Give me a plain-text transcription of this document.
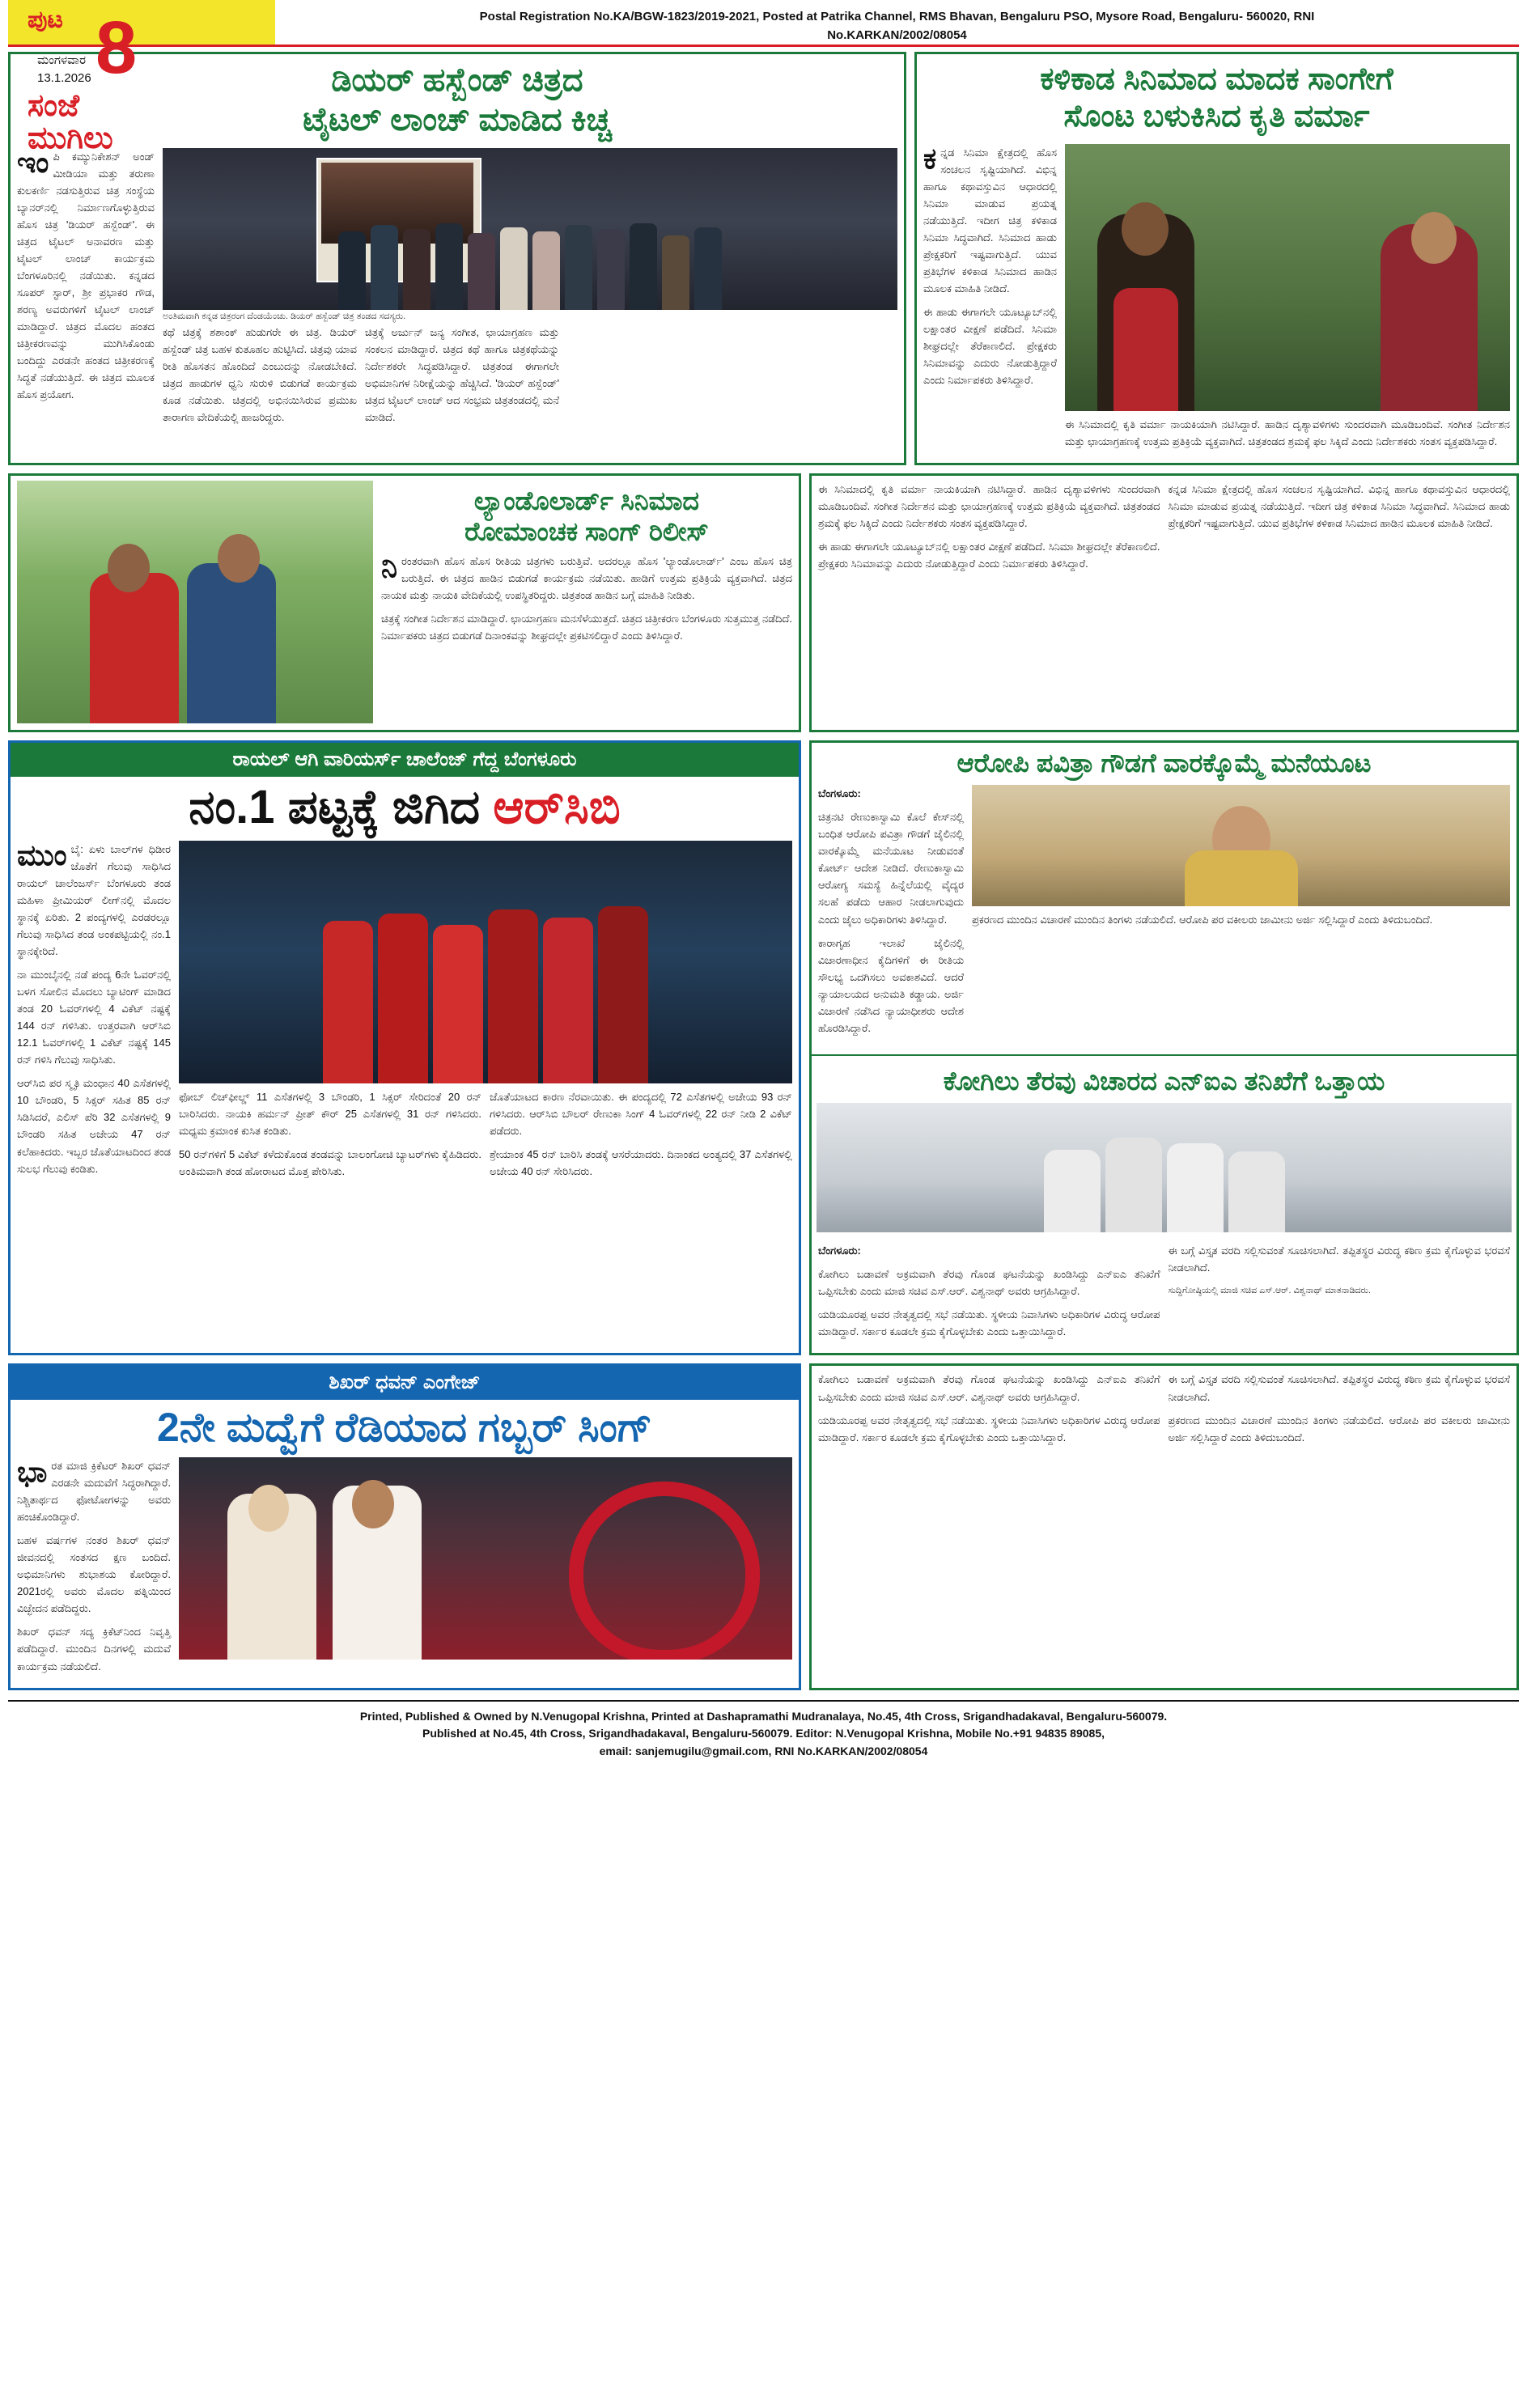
ಪುಟ 8
ಮಂಗಳವಾರ
13.1.2026
ಸಂಜೆ
ಮುಗಿಲು
Postal Registration No.KA/BGW-1823/2019-2021, Posted at Patrika Channel, RMS Bhavan, Bengaluru PSO, Mysore Road, Bengaluru- 560020, RNI No.KARKAN/2002/08054
ಡಿಯರ್ ಹಸ್ಬೆಂಡ್ ಚಿತ್ರದ
ಟೈಟಲ್ ಲಾಂಚ್ ಮಾಡಿದ ಕಿಚ್ಚ

ಇಂಪಿ ಕಮ್ಯುನಿಕೇಶನ್ ಅಂಡ್ ಮೀಡಿಯಾ ಮತ್ತು ತರುಣಾ ಕುಲಕರ್ಣಿ ನಡಸುತ್ತಿರುವ ಚಿತ್ರ ಸಂಸ್ಥೆಯ ಬ್ಯಾನರ್‌ನಲ್ಲಿ ನಿರ್ಮಾಣಗೊಳ್ಳುತ್ತಿರುವ ಹೊಸ ಚಿತ್ರ 'ಡಿಯರ್ ಹಸ್ಬೆಂಡ್'. ಈ ಚಿತ್ರದ ಟೈಟಲ್ ಅನಾವರಣ ಮತ್ತು ಟೈಟಲ್ ಲಾಂಚ್ ಕಾರ್ಯಕ್ರಮ ಬೆಂಗಳೂರಿನಲ್ಲಿ ನಡೆಯಿತು. ಕನ್ನಡದ ಸೂಪರ್ ಸ್ಟಾರ್, ಶ್ರೀ ಪ್ರಭಾಕರ ಗೌಡ, ಶರಣ್ಯ ಅವರುಗಳಿಗೆ ಟೈಟಲ್ ಲಾಂಚ್ ಮಾಡಿದ್ದಾರೆ. ಚಿತ್ರದ ಮೊದಲ ಹಂತದ ಚಿತ್ರೀಕರಣವನ್ನು ಮುಗಿಸಿಕೊಂಡು ಬಂದಿದ್ದು ಎರಡನೇ ಹಂತದ ಚಿತ್ರೀಕರಣಕ್ಕೆ ಸಿದ್ಧತೆ ನಡೆಯುತ್ತಿದೆ. ಈ ಚಿತ್ರದ ಮೂಲಕ ಹೊಸ ಪ್ರಯೋಗ.

ಅಂತಿಮವಾಗಿ ಕನ್ನಡ ಚಿತ್ರರಂಗ ದೆಂಡಯೆಂಚು. ಡಿಯರ್ ಹಸ್ಬೆಂಡ್ ಚಿತ್ರ ತಂಡದ ಸದಸ್ಯರು.

ಕಥೆ ಚಿತ್ರಕ್ಕೆ ಶಶಾಂಕ್ ಹುಡುಗರೇ ಈ ಚಿತ್ರ. ಡಿಯರ್ ಹಸ್ಬೆಂಡ್ ಚಿತ್ರ ಬಹಳ ಕುತೂಹಲ ಹುಟ್ಟಿಸಿದೆ. ಚಿತ್ರವು ಯಾವ ರೀತಿ ಹೊಸತನ ಹೊಂದಿದೆ ಎಂಬುದನ್ನು ನೋಡಬೇಕಿದೆ. ಚಿತ್ರದ ಹಾಡುಗಳ ಧ್ವನಿ ಸುರುಳಿ ಬಿಡುಗಡೆ ಕಾರ್ಯಕ್ರಮ ಕೂಡ ನಡೆಯಿತು. ಚಿತ್ರದಲ್ಲಿ ಅಭಿನಯಿಸಿರುವ ಪ್ರಮುಖ ತಾರಾಗಣ ವೇದಿಕೆಯಲ್ಲಿ ಹಾಜರಿದ್ದರು.

ಚಿತ್ರಕ್ಕೆ ಅರ್ಜುನ್ ಜನ್ಯ ಸಂಗೀತ, ಛಾಯಾಗ್ರಹಣ ಮತ್ತು ಸಂಕಲನ ಮಾಡಿದ್ದಾರೆ. ಚಿತ್ರದ ಕಥೆ ಹಾಗೂ ಚಿತ್ರಕಥೆಯನ್ನು ನಿರ್ದೇಶಕರೇ ಸಿದ್ಧಪಡಿಸಿದ್ದಾರೆ. ಚಿತ್ರತಂಡ ಈಗಾಗಲೇ ಅಭಿಮಾನಿಗಳ ನಿರೀಕ್ಷೆಯನ್ನು ಹೆಚ್ಚಿಸಿದೆ. 'ಡಿಯರ್ ಹಸ್ಬೆಂಡ್' ಚಿತ್ರದ ಟೈಟಲ್ ಲಾಂಚ್ ಆದ ಸಂಭ್ರಮ ಚಿತ್ರತಂಡದಲ್ಲಿ ಮನೆ ಮಾಡಿದೆ.

ಕಳಿಕಾಡ ಸಿನಿಮಾದ ಮಾದಕ ಸಾಂಗೇಗೆ
ಸೊಂಟ ಬಳುಕಿಸಿದ ಕೃತಿ ವರ್ಮಾ

ಕನ್ನಡ ಸಿನಿಮಾ ಕ್ಷೇತ್ರದಲ್ಲಿ ಹೊಸ ಸಂಚಲನ ಸೃಷ್ಟಿಯಾಗಿದೆ. ವಿಭಿನ್ನ ಹಾಗೂ ಕಥಾವಸ್ತುವಿನ ಆಧಾರದಲ್ಲಿ ಸಿನಿಮಾ ಮಾಡುವ ಪ್ರಯತ್ನ ನಡೆಯುತ್ತಿದೆ. ಇದೀಗ ಚಿತ್ರ ಕಳಿಕಾಡ ಸಿನಿಮಾ ಸಿದ್ಧವಾಗಿದೆ. ಸಿನಿಮಾದ ಹಾಡು ಪ್ರೇಕ್ಷಕರಿಗೆ ಇಷ್ಟವಾಗುತ್ತಿದೆ. ಯುವ ಪ್ರತಿಭೆಗಳ ಕಳಿಕಾಡ ಸಿನಿಮಾದ ಹಾಡಿನ ಮೂಲಕ ಮಾಹಿತಿ ನೀಡಿದೆ.

ಈ ಹಾಡು ಈಗಾಗಲೇ ಯೂಟ್ಯೂಬ್‌ನಲ್ಲಿ ಲಕ್ಷಾಂತರ ವೀಕ್ಷಣೆ ಪಡೆದಿದೆ. ಸಿನಿಮಾ ಶೀಘ್ರದಲ್ಲೇ ತೆರೆಕಾಣಲಿದೆ. ಪ್ರೇಕ್ಷಕರು ಸಿನಿಮಾವನ್ನು ಎದುರು ನೋಡುತ್ತಿದ್ದಾರೆ ಎಂದು ನಿರ್ಮಾಪಕರು ತಿಳಿಸಿದ್ದಾರೆ.

ಈ ಸಿನಿಮಾದಲ್ಲಿ ಕೃತಿ ವರ್ಮಾ ನಾಯಕಿಯಾಗಿ ನಟಿಸಿದ್ದಾರೆ. ಹಾಡಿನ ದೃಶ್ಯಾವಳಿಗಳು ಸುಂದರವಾಗಿ ಮೂಡಿಬಂದಿವೆ. ಸಂಗೀತ ನಿರ್ದೇಶನ ಮತ್ತು ಛಾಯಾಗ್ರಹಣಕ್ಕೆ ಉತ್ತಮ ಪ್ರತಿಕ್ರಿಯೆ ವ್ಯಕ್ತವಾಗಿದೆ. ಚಿತ್ರತಂಡದ ಶ್ರಮಕ್ಕೆ ಫಲ ಸಿಕ್ಕಿದೆ ಎಂದು ನಿರ್ದೇಶಕರು ಸಂತಸ ವ್ಯಕ್ತಪಡಿಸಿದ್ದಾರೆ.

ಲ್ಯಾಂಡೊಲಾರ್ಡ್ ಸಿನಿಮಾದ
ರೋಮಾಂಚಕ ಸಾಂಗ್ ರಿಲೀಸ್

ನಿರಂತರವಾಗಿ ಹೊಸ ಹೊಸ ರೀತಿಯ ಚಿತ್ರಗಳು ಬರುತ್ತಿವೆ. ಅದರಲ್ಲೂ ಹೊಸ 'ಲ್ಯಾಂಡೊಲಾರ್ಡ್' ಎಂಬ ಹೊಸ ಚಿತ್ರ ಬರುತ್ತಿದೆ. ಈ ಚಿತ್ರದ ಹಾಡಿನ ಬಿಡುಗಡೆ ಕಾರ್ಯಕ್ರಮ ನಡೆಯಿತು. ಹಾಡಿಗೆ ಉತ್ತಮ ಪ್ರತಿಕ್ರಿಯೆ ವ್ಯಕ್ತವಾಗಿದೆ. ಚಿತ್ರದ ನಾಯಕ ಮತ್ತು ನಾಯಕಿ ವೇದಿಕೆಯಲ್ಲಿ ಉಪಸ್ಥಿತರಿದ್ದರು. ಚಿತ್ರತಂಡ ಹಾಡಿನ ಬಗ್ಗೆ ಮಾಹಿತಿ ನೀಡಿತು.

ಚಿತ್ರಕ್ಕೆ ಸಂಗೀತ ನಿರ್ದೇಶನ ಮಾಡಿದ್ದಾರೆ. ಛಾಯಾಗ್ರಹಣ ಮನಸೆಳೆಯುತ್ತದೆ. ಚಿತ್ರದ ಚಿತ್ರೀಕರಣ ಬೆಂಗಳೂರು ಸುತ್ತಮುತ್ತ ನಡೆದಿದೆ. ನಿರ್ಮಾಪಕರು ಚಿತ್ರದ ಬಿಡುಗಡೆ ದಿನಾಂಕವನ್ನು ಶೀಘ್ರದಲ್ಲೇ ಪ್ರಕಟಿಸಲಿದ್ದಾರೆ ಎಂದು ತಿಳಿಸಿದ್ದಾರೆ.

ಈ ಸಿನಿಮಾದಲ್ಲಿ ಕೃತಿ ವರ್ಮಾ ನಾಯಕಿಯಾಗಿ ನಟಿಸಿದ್ದಾರೆ. ಹಾಡಿನ ದೃಶ್ಯಾವಳಿಗಳು ಸುಂದರವಾಗಿ ಮೂಡಿಬಂದಿವೆ. ಸಂಗೀತ ನಿರ್ದೇಶನ ಮತ್ತು ಛಾಯಾಗ್ರಹಣಕ್ಕೆ ಉತ್ತಮ ಪ್ರತಿಕ್ರಿಯೆ ವ್ಯಕ್ತವಾಗಿದೆ. ಚಿತ್ರತಂಡದ ಶ್ರಮಕ್ಕೆ ಫಲ ಸಿಕ್ಕಿದೆ ಎಂದು ನಿರ್ದೇಶಕರು ಸಂತಸ ವ್ಯಕ್ತಪಡಿಸಿದ್ದಾರೆ.

ಈ ಹಾಡು ಈಗಾಗಲೇ ಯೂಟ್ಯೂಬ್‌ನಲ್ಲಿ ಲಕ್ಷಾಂತರ ವೀಕ್ಷಣೆ ಪಡೆದಿದೆ. ಸಿನಿಮಾ ಶೀಘ್ರದಲ್ಲೇ ತೆರೆಕಾಣಲಿದೆ. ಪ್ರೇಕ್ಷಕರು ಸಿನಿಮಾವನ್ನು ಎದುರು ನೋಡುತ್ತಿದ್ದಾರೆ ಎಂದು ನಿರ್ಮಾಪಕರು ತಿಳಿಸಿದ್ದಾರೆ.

ಕನ್ನಡ ಸಿನಿಮಾ ಕ್ಷೇತ್ರದಲ್ಲಿ ಹೊಸ ಸಂಚಲನ ಸೃಷ್ಟಿಯಾಗಿದೆ. ವಿಭಿನ್ನ ಹಾಗೂ ಕಥಾವಸ್ತುವಿನ ಆಧಾರದಲ್ಲಿ ಸಿನಿಮಾ ಮಾಡುವ ಪ್ರಯತ್ನ ನಡೆಯುತ್ತಿದೆ. ಇದೀಗ ಚಿತ್ರ ಕಳಿಕಾಡ ಸಿನಿಮಾ ಸಿದ್ಧವಾಗಿದೆ. ಸಿನಿಮಾದ ಹಾಡು ಪ್ರೇಕ್ಷಕರಿಗೆ ಇಷ್ಟವಾಗುತ್ತಿದೆ. ಯುವ ಪ್ರತಿಭೆಗಳ ಕಳಿಕಾಡ ಸಿನಿಮಾದ ಹಾಡಿನ ಮೂಲಕ ಮಾಹಿತಿ ನೀಡಿದೆ.

ರಾಯಲ್ ಆಗಿ ವಾರಿಯರ್ಸ್ ಚಾಲೆಂಜ್ ಗೆದ್ದ ಬೆಂಗಳೂರು
ನಂ.1 ಪಟ್ಟಕ್ಕೆ ಜಿಗಿದ ಆರ್‌ಸಿಬಿ

ಮುಂಬೈ: ಏಳು ಬಾಲ್‌ಗಳ ಧಿಡೀರ ಜೊತೆಗೆ ಗೆಲುವು ಸಾಧಿಸಿದ ರಾಯಲ್ ಚಾಲೆಂಜರ್ಸ್ ಬೆಂಗಳೂರು ತಂಡ ಮಹಿಳಾ ಪ್ರೀಮಿಯರ್ ಲೀಗ್‌ನಲ್ಲಿ ಮೊದಲ ಸ್ಥಾನಕ್ಕೆ ಏರಿತು. 2 ಪಂದ್ಯಗಳಲ್ಲಿ ಎರಡರಲ್ಲೂ ಗೆಲುವು ಸಾಧಿಸಿದ ತಂಡ ಅಂಕಪಟ್ಟಿಯಲ್ಲಿ ನಂ.1 ಸ್ಥಾನಕ್ಕೇರಿದೆ.

ನಾ ಮುಂಬೈನಲ್ಲಿ ನಡೆ ಪಂದ್ಯ 6ನೇ ಓವರ್‌ನಲ್ಲಿ ಬಳಗ ಸೋಲಿನ ಮೊದಲು ಬ್ಯಾಟಿಂಗ್ ಮಾಡಿದ ತಂಡ 20 ಓವರ್‌ಗಳಲ್ಲಿ 4 ವಿಕೆಟ್ ನಷ್ಟಕ್ಕೆ 144 ರನ್ ಗಳಿಸಿತು. ಉತ್ತರವಾಗಿ ಆರ್‌ಸಿಬಿ 12.1 ಓವರ್‌ಗಳಲ್ಲಿ 1 ವಿಕೆಟ್ ನಷ್ಟಕ್ಕೆ 145 ರನ್ ಗಳಿಸಿ ಗೆಲುವು ಸಾಧಿಸಿತು.

ಆರ್‌ಸಿಬಿ ಪರ ಸ್ಮೃತಿ ಮಂಧಾನ 40 ಎಸೆತಗಳಲ್ಲಿ 10 ಬೌಂಡರಿ, 5 ಸಿಕ್ಸರ್ ಸಹಿತ 85 ರನ್ ಸಿಡಿಸಿದರೆ, ಎಲಿಸ್ ಪೆರಿ 32 ಎಸೆತಗಳಲ್ಲಿ 9 ಬೌಂಡರಿ ಸಹಿತ ಅಜೇಯ 47 ರನ್ ಕಲೆಹಾಕಿದರು. ಇಬ್ಬರ ಜೊತೆಯಾಟದಿಂದ ತಂಡ ಸುಲಭ ಗೆಲುವು ಕಂಡಿತು.

ಫೋಬ್ ಲಿಚ್‌ಫೀಲ್ಡ್ 11 ಎಸೆತಗಳಲ್ಲಿ 3 ಬೌಂಡರಿ, 1 ಸಿಕ್ಸರ್ ಸೇರಿದಂತೆ 20 ರನ್ ಬಾರಿಸಿದರು. ನಾಯಕಿ ಹರ್ಮನ್ ಪ್ರೀತ್ ಕೌರ್ 25 ಎಸೆತಗಳಲ್ಲಿ 31 ರನ್ ಗಳಿಸಿದರು. ಮಧ್ಯಮ ಕ್ರಮಾಂಕ ಕುಸಿತ ಕಂಡಿತು.

50 ರನ್‌ಗಳಿಗೆ 5 ವಿಕೆಟ್ ಕಳೆದುಕೊಂಡ ತಂಡವನ್ನು ಬಾಲಂಗೋಚಿ ಬ್ಯಾಟರ್‌ಗಳು ಕೈಹಿಡಿದರು. ಅಂತಿಮವಾಗಿ ತಂಡ ಹೋರಾಟದ ಮೊತ್ತ ಪೇರಿಸಿತು.

ಜೊತೆಯಾಟದ ಕಾರಣ ನೆರವಾಯಿತು. ಈ ಪಂದ್ಯದಲ್ಲಿ 72 ಎಸೆತಗಳಲ್ಲಿ ಅಜೇಯ 93 ರನ್ ಗಳಿಸಿದರು. ಆರ್‌ಸಿಬಿ ಬೌಲರ್ ರೇಣುಕಾ ಸಿಂಗ್ 4 ಓವರ್‌ಗಳಲ್ಲಿ 22 ರನ್ ನೀಡಿ 2 ವಿಕೆಟ್ ಪಡೆದರು.

ಶ್ರೇಯಾಂಕ 45 ರನ್ ಬಾರಿಸಿ ತಂಡಕ್ಕೆ ಆಸರೆಯಾದರು. ದಿನಾಂಕದ ಅಂತ್ಯದಲ್ಲಿ 37 ಎಸೆತಗಳಲ್ಲಿ ಅಜೇಯ 40 ರನ್ ಸೇರಿಸಿದರು.

ಆರೋಪಿ ಪವಿತ್ರಾ ಗೌಡಗೆ ವಾರಕ್ಕೊಮ್ಮೆ ಮನೆಯೂಟ

ಬೆಂಗಳೂರು:

ಚಿತ್ರನಟಿ ರೇಣುಕಾಸ್ವಾಮಿ ಕೊಲೆ ಕೇಸ್‌ನಲ್ಲಿ ಬಂಧಿತ ಆರೋಪಿ ಪವಿತ್ರಾ ಗೌಡಗೆ ಜೈಲಿನಲ್ಲಿ ವಾರಕ್ಕೊಮ್ಮೆ ಮನೆಯೂಟ ನೀಡುವಂತೆ ಕೋರ್ಟ್ ಆದೇಶ ನೀಡಿದೆ. ರೇಣುಕಾಸ್ವಾಮಿ ಆರೋಗ್ಯ ಸಮಸ್ಯೆ ಹಿನ್ನೆಲೆಯಲ್ಲಿ ವೈದ್ಯರ ಸಲಹೆ ಪಡೆದು ಆಹಾರ ನೀಡಲಾಗುವುದು ಎಂದು ಜೈಲು ಅಧಿಕಾರಿಗಳು ತಿಳಿಸಿದ್ದಾರೆ.

ಕಾರಾಗೃಹ ಇಲಾಖೆ ಜೈಲಿನಲ್ಲಿ ವಿಚಾರಣಾಧೀನ ಕೈದಿಗಳಿಗೆ ಈ ರೀತಿಯ ಸೌಲಭ್ಯ ಒದಗಿಸಲು ಅವಕಾಶವಿದೆ. ಆದರೆ ನ್ಯಾಯಾಲಯದ ಅನುಮತಿ ಕಡ್ಡಾಯ. ಅರ್ಜಿ ವಿಚಾರಣೆ ನಡೆಸಿದ ನ್ಯಾಯಾಧೀಶರು ಆದೇಶ ಹೊರಡಿಸಿದ್ದಾರೆ.

ಪ್ರಕರಣದ ಮುಂದಿನ ವಿಚಾರಣೆ ಮುಂದಿನ ತಿಂಗಳು ನಡೆಯಲಿದೆ. ಆರೋಪಿ ಪರ ವಕೀಲರು ಜಾಮೀನು ಅರ್ಜಿ ಸಲ್ಲಿಸಿದ್ದಾರೆ ಎಂದು ತಿಳಿದುಬಂದಿದೆ.

ಕೋಗಿಲು ತೆರವು ವಿಚಾರದ ಎನ್‌ಐಎ ತನಿಖೆಗೆ ಒತ್ತಾಯ

ಬೆಂಗಳೂರು:

ಕೋಗಿಲು ಬಡಾವಣೆ ಅಕ್ರಮವಾಗಿ ತೆರವು ಗೊಂಡ ಘಟನೆಯನ್ನು ಖಂಡಿಸಿದ್ದು ಎನ್‌ಐಎ ತನಿಖೆಗೆ ಒಪ್ಪಿಸಬೇಕು ಎಂದು ಮಾಜಿ ಸಚಿವ ಎಸ್.ಆರ್. ವಿಶ್ವನಾಥ್ ಅವರು ಆಗ್ರಹಿಸಿದ್ದಾರೆ.

ಯಡಿಯೂರಪ್ಪ ಅವರ ನೇತೃತ್ವದಲ್ಲಿ ಸಭೆ ನಡೆಯಿತು. ಸ್ಥಳೀಯ ನಿವಾಸಿಗಳು ಅಧಿಕಾರಿಗಳ ವಿರುದ್ಧ ಆರೋಪ ಮಾಡಿದ್ದಾರೆ. ಸರ್ಕಾರ ಕೂಡಲೇ ಕ್ರಮ ಕೈಗೊಳ್ಳಬೇಕು ಎಂದು ಒತ್ತಾಯಿಸಿದ್ದಾರೆ.

ಈ ಬಗ್ಗೆ ವಿಸ್ತೃತ ವರದಿ ಸಲ್ಲಿಸುವಂತೆ ಸೂಚಿಸಲಾಗಿದೆ. ತಪ್ಪಿತಸ್ಥರ ವಿರುದ್ಧ ಕಠಿಣ ಕ್ರಮ ಕೈಗೊಳ್ಳುವ ಭರವಸೆ ನೀಡಲಾಗಿದೆ.

ಸುದ್ದಿಗೋಷ್ಠಿಯಲ್ಲಿ ಮಾಜಿ ಸಚಿವ ಎಸ್.ಆರ್. ವಿಶ್ವನಾಥ್ ಮಾತನಾಡಿದರು.

ಶಿಖರ್ ಧವನ್ ಎಂಗೇಜ್
2ನೇ ಮದ್ವೆಗೆ ರೆಡಿಯಾದ ಗಬ್ಬರ್ ಸಿಂಗ್

ಭಾರತ ಮಾಜಿ ಕ್ರಿಕೆಟರ್ ಶಿಖರ್ ಧವನ್ ಎರಡನೇ ಮದುವೆಗೆ ಸಿದ್ಧರಾಗಿದ್ದಾರೆ. ನಿಶ್ಚಿತಾರ್ಥದ ಫೋಟೋಗಳನ್ನು ಅವರು ಹಂಚಿಕೊಂಡಿದ್ದಾರೆ.

ಬಹಳ ವರ್ಷಗಳ ನಂತರ ಶಿಖರ್ ಧವನ್ ಜೀವನದಲ್ಲಿ ಸಂತಸದ ಕ್ಷಣ ಬಂದಿದೆ. ಅಭಿಮಾನಿಗಳು ಶುಭಾಶಯ ಕೋರಿದ್ದಾರೆ. 2021ರಲ್ಲಿ ಅವರು ಮೊದಲ ಪತ್ನಿಯಿಂದ ವಿಚ್ಛೇದನ ಪಡೆದಿದ್ದರು.

ಶಿಖರ್ ಧವನ್ ಸದ್ಯ ಕ್ರಿಕೆಟ್‌ನಿಂದ ನಿವೃತ್ತಿ ಪಡೆದಿದ್ದಾರೆ. ಮುಂದಿನ ದಿನಗಳಲ್ಲಿ ಮದುವೆ ಕಾರ್ಯಕ್ರಮ ನಡೆಯಲಿದೆ.

ಕೋಗಿಲು ಬಡಾವಣೆ ಅಕ್ರಮವಾಗಿ ತೆರವು ಗೊಂಡ ಘಟನೆಯನ್ನು ಖಂಡಿಸಿದ್ದು ಎನ್‌ಐಎ ತನಿಖೆಗೆ ಒಪ್ಪಿಸಬೇಕು ಎಂದು ಮಾಜಿ ಸಚಿವ ಎಸ್.ಆರ್. ವಿಶ್ವನಾಥ್ ಅವರು ಆಗ್ರಹಿಸಿದ್ದಾರೆ.

ಯಡಿಯೂರಪ್ಪ ಅವರ ನೇತೃತ್ವದಲ್ಲಿ ಸಭೆ ನಡೆಯಿತು. ಸ್ಥಳೀಯ ನಿವಾಸಿಗಳು ಅಧಿಕಾರಿಗಳ ವಿರುದ್ಧ ಆರೋಪ ಮಾಡಿದ್ದಾರೆ. ಸರ್ಕಾರ ಕೂಡಲೇ ಕ್ರಮ ಕೈಗೊಳ್ಳಬೇಕು ಎಂದು ಒತ್ತಾಯಿಸಿದ್ದಾರೆ.

ಈ ಬಗ್ಗೆ ವಿಸ್ತೃತ ವರದಿ ಸಲ್ಲಿಸುವಂತೆ ಸೂಚಿಸಲಾಗಿದೆ. ತಪ್ಪಿತಸ್ಥರ ವಿರುದ್ಧ ಕಠಿಣ ಕ್ರಮ ಕೈಗೊಳ್ಳುವ ಭರವಸೆ ನೀಡಲಾಗಿದೆ.

ಪ್ರಕರಣದ ಮುಂದಿನ ವಿಚಾರಣೆ ಮುಂದಿನ ತಿಂಗಳು ನಡೆಯಲಿದೆ. ಆರೋಪಿ ಪರ ವಕೀಲರು ಜಾಮೀನು ಅರ್ಜಿ ಸಲ್ಲಿಸಿದ್ದಾರೆ ಎಂದು ತಿಳಿದುಬಂದಿದೆ.

Printed, Published & Owned by N.Venugopal Krishna, Printed at Dashapramathi Mudranalaya, No.45, 4th Cross, Srigandhadakaval, Bengaluru-560079.
Published at No.45, 4th Cross, Srigandhadakaval, Bengaluru-560079. Editor: N.Venugopal Krishna, Mobile No.+91 94835 89085,
email: sanjemugilu@gmail.com, RNI No.KARKAN/2002/08054
